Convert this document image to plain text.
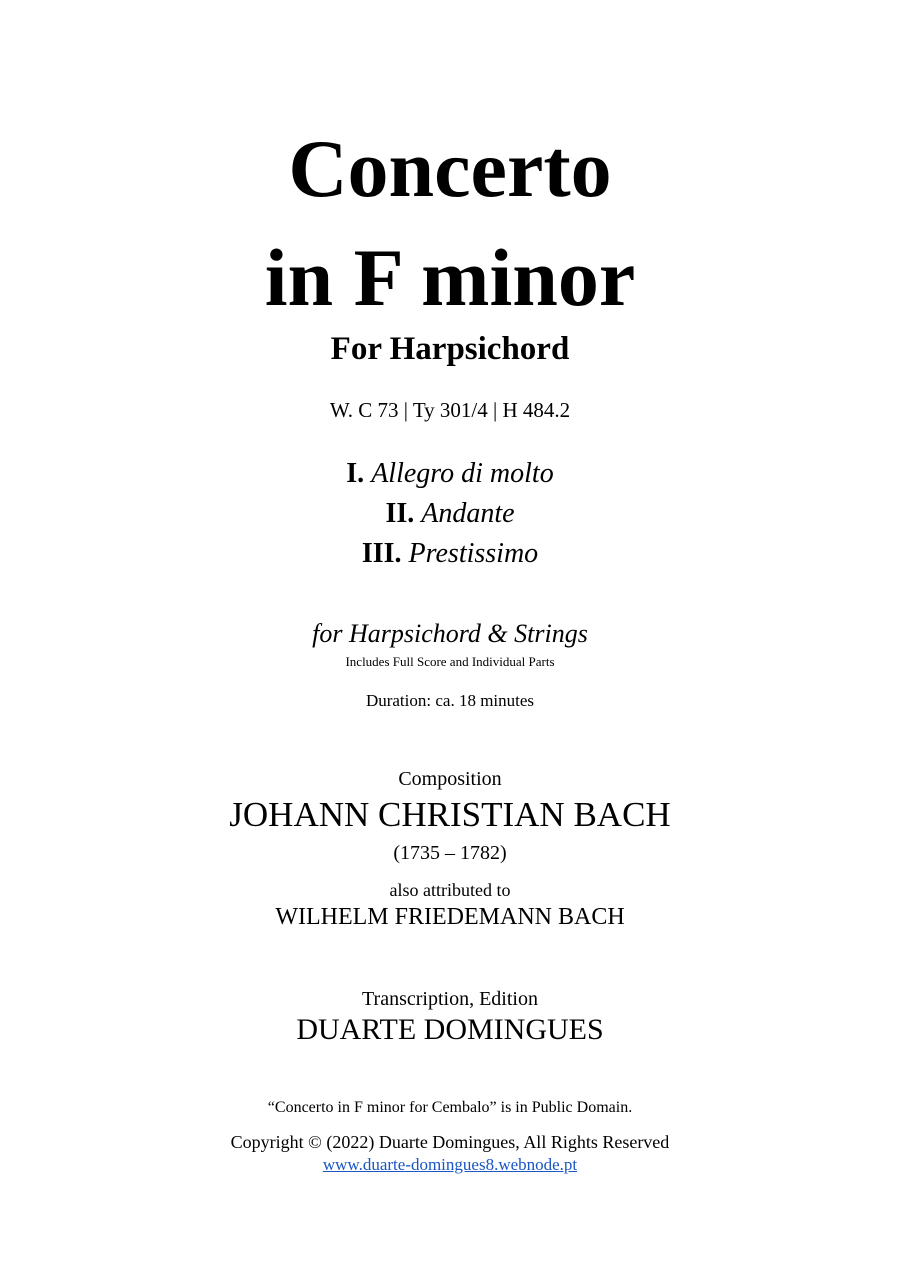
Concerto
in F minor
For Harpsichord
W. C 73 | Ty 301/4 | H 484.2
I. Allegro di molto
II. Andante
III. Prestissimo
for Harpsichord & Strings
Includes Full Score and Individual Parts
Duration: ca. 18 minutes
Composition
JOHANN CHRISTIAN BACH
(1735 – 1782)
also attributed to
WILHELM FRIEDEMANN BACH
Transcription, Edition
DUARTE DOMINGUES
“Concerto in F minor for Cembalo” is in Public Domain.
Copyright © (2022) Duarte Domingues, All Rights Reserved
www.duarte-domingues8.webnode.pt
